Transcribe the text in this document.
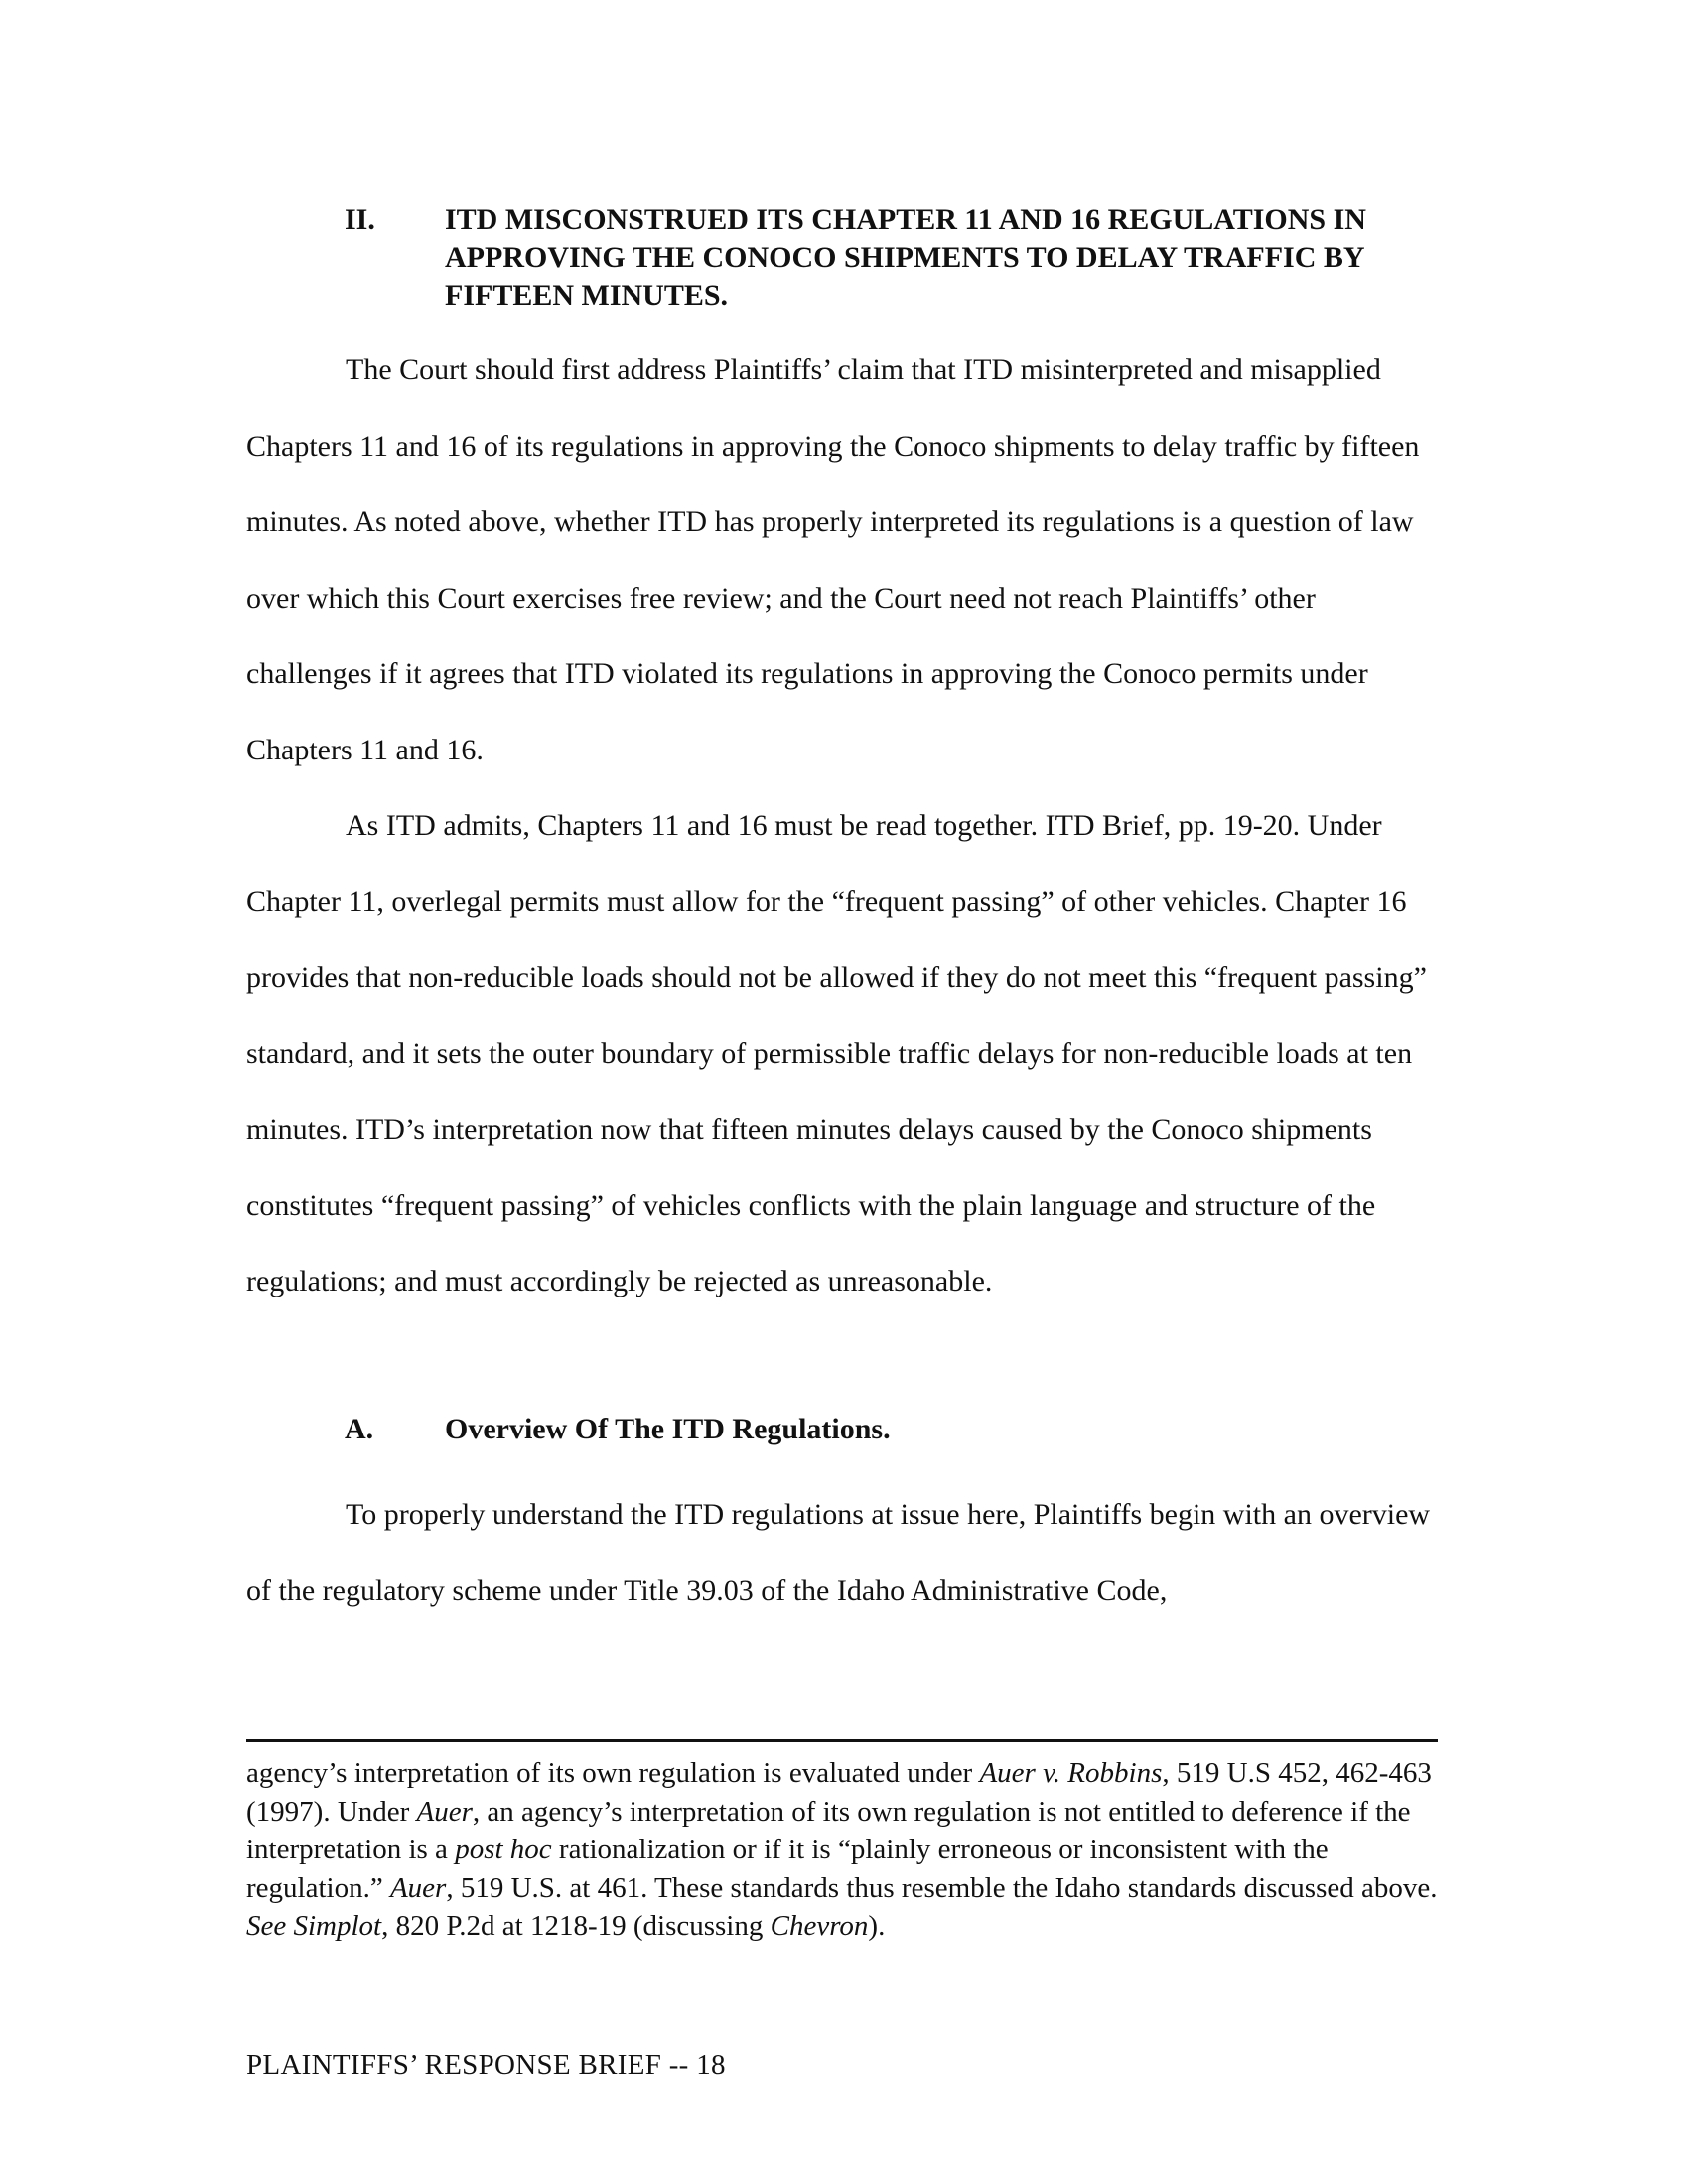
II. ITD MISCONSTRUED ITS CHAPTER 11 AND 16 REGULATIONS IN APPROVING THE CONOCO SHIPMENTS TO DELAY TRAFFIC BY FIFTEEN MINUTES.

The Court should first address Plaintiffs’ claim that ITD misinterpreted and misapplied Chapters 11 and 16 of its regulations in approving the Conoco shipments to delay traffic by fifteen minutes. As noted above, whether ITD has properly interpreted its regulations is a question of law over which this Court exercises free review; and the Court need not reach Plaintiffs’ other challenges if it agrees that ITD violated its regulations in approving the Conoco permits under Chapters 11 and 16.

As ITD admits, Chapters 11 and 16 must be read together. ITD Brief, pp. 19-20. Under Chapter 11, overlegal permits must allow for the “frequent passing” of other vehicles. Chapter 16 provides that non-reducible loads should not be allowed if they do not meet this “frequent passing” standard, and it sets the outer boundary of permissible traffic delays for non-reducible loads at ten minutes. ITD’s interpretation now that fifteen minutes delays caused by the Conoco shipments constitutes “frequent passing” of vehicles conflicts with the plain language and structure of the regulations; and must accordingly be rejected as unreasonable.

A. Overview Of The ITD Regulations.

To properly understand the ITD regulations at issue here, Plaintiffs begin with an overview of the regulatory scheme under Title 39.03 of the Idaho Administrative Code,

agency’s interpretation of its own regulation is evaluated under Auer v. Robbins, 519 U.S 452, 462-463 (1997). Under Auer, an agency’s interpretation of its own regulation is not entitled to deference if the interpretation is a post hoc rationalization or if it is “plainly erroneous or inconsistent with the regulation.” Auer, 519 U.S. at 461. These standards thus resemble the Idaho standards discussed above. See Simplot, 820 P.2d at 1218-19 (discussing Chevron).
PLAINTIFFS’ RESPONSE BRIEF -- 18
